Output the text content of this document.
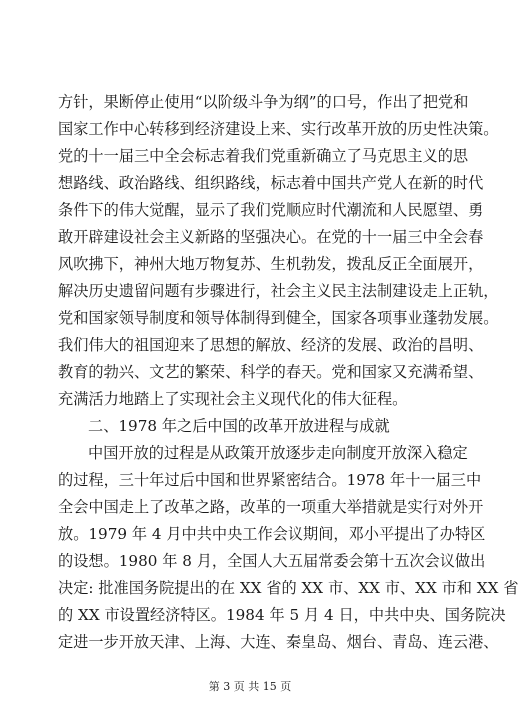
方针，果断停止使用“以阶级斗争为纲”的口号，作出了把党和
国家工作中心转移到经济建设上来、实行改革开放的历史性决策。
党的十一届三中全会标志着我们党重新确立了马克思主义的思
想路线、政治路线、组织路线，标志着中国共产党人在新的时代
条件下的伟大觉醒，显示了我们党顺应时代潮流和人民愿望、勇
敢开辟建设社会主义新路的坚强决心。在党的十一届三中全会春
风吹拂下，神州大地万物复苏、生机勃发，拨乱反正全面展开，
解决历史遗留问题有步骤进行，社会主义民主法制建设走上正轨，
党和国家领导制度和领导体制得到健全，国家各项事业蓬勃发展。
我们伟大的祖国迎来了思想的解放、经济的发展、政治的昌明、
教育的勃兴、文艺的繁荣、科学的春天。党和国家又充满希望、
充满活力地踏上了实现社会主义现代化的伟大征程。
二、1978 年之后中国的改革开放进程与成就
中国开放的过程是从政策开放逐步走向制度开放深入稳定
的过程，三十年过后中国和世界紧密结合。1978 年十一届三中
全会中国走上了改革之路，改革的一项重大举措就是实行对外开
放。1979 年 4 月中共中央工作会议期间，邓小平提出了办特区
的设想。1980 年 8 月，全国人大五届常委会第十五次会议做出
决定: 批准国务院提出的在 XX 省的 XX 市、XX 市、XX 市和 XX 省
的 XX 市设置经济特区。1984 年 5 月 4 日，中共中央、国务院决
定进一步开放天津、上海、大连、秦皇岛、烟台、青岛、连云港、
第 3 页 共 15 页
